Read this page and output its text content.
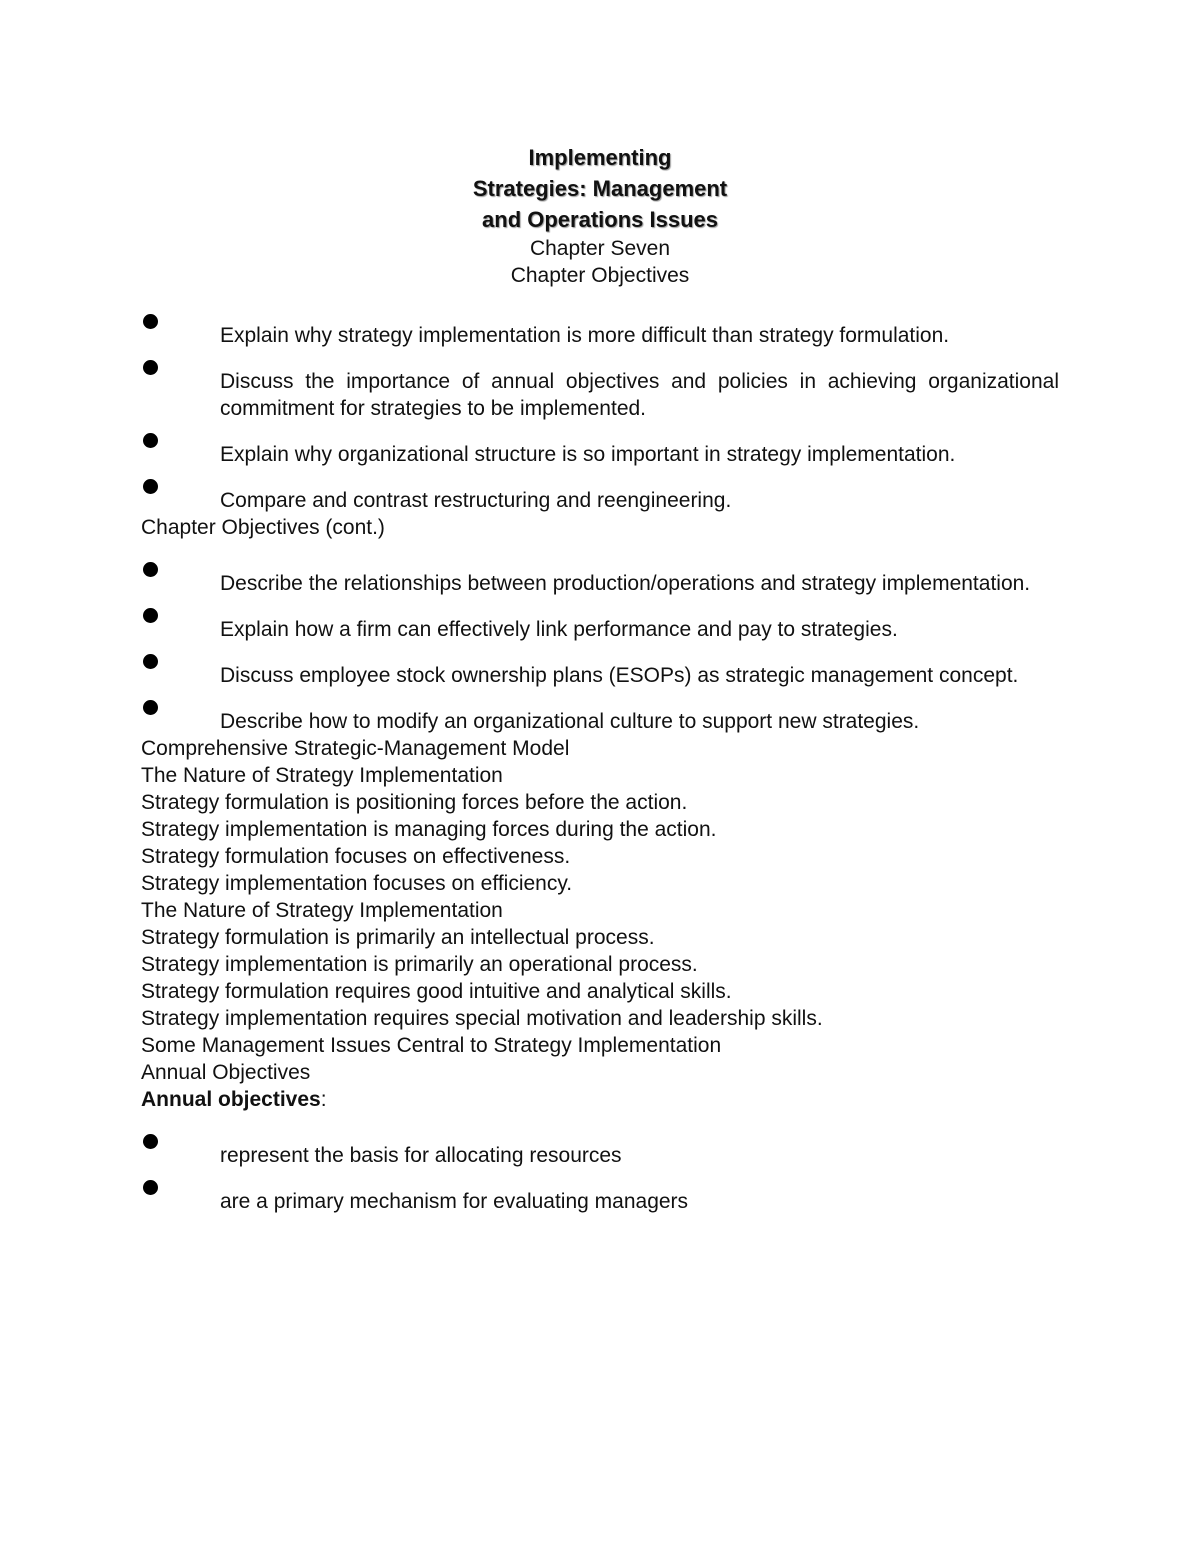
Implementing
Strategies: Management
and Operations Issues
Chapter Seven
Chapter Objectives
Explain why strategy implementation is more difficult than strategy formulation.
Discuss the importance of annual objectives and policies in achieving organizational commitment for strategies to be implemented.
Explain why organizational structure is so important in strategy implementation.
Compare and contrast restructuring and reengineering.
Chapter Objectives (cont.)
Describe the relationships between production/operations and strategy implementation.
Explain how a firm can effectively link performance and pay to strategies.
Discuss employee stock ownership plans (ESOPs) as strategic management concept.
Describe how to modify an organizational culture to support new strategies.
Comprehensive Strategic-Management Model
The Nature of Strategy Implementation
Strategy formulation is positioning forces before the action.
Strategy implementation is managing forces during the action.
Strategy formulation focuses on effectiveness.
Strategy implementation focuses on efficiency.
The Nature of Strategy Implementation
Strategy formulation is primarily an intellectual process.
Strategy implementation is primarily an operational process.
Strategy formulation requires good intuitive and analytical skills.
Strategy implementation requires special motivation and leadership skills.
Some Management Issues Central to Strategy Implementation
Annual Objectives
Annual objectives:
represent the basis for allocating resources
are a primary mechanism for evaluating managers
